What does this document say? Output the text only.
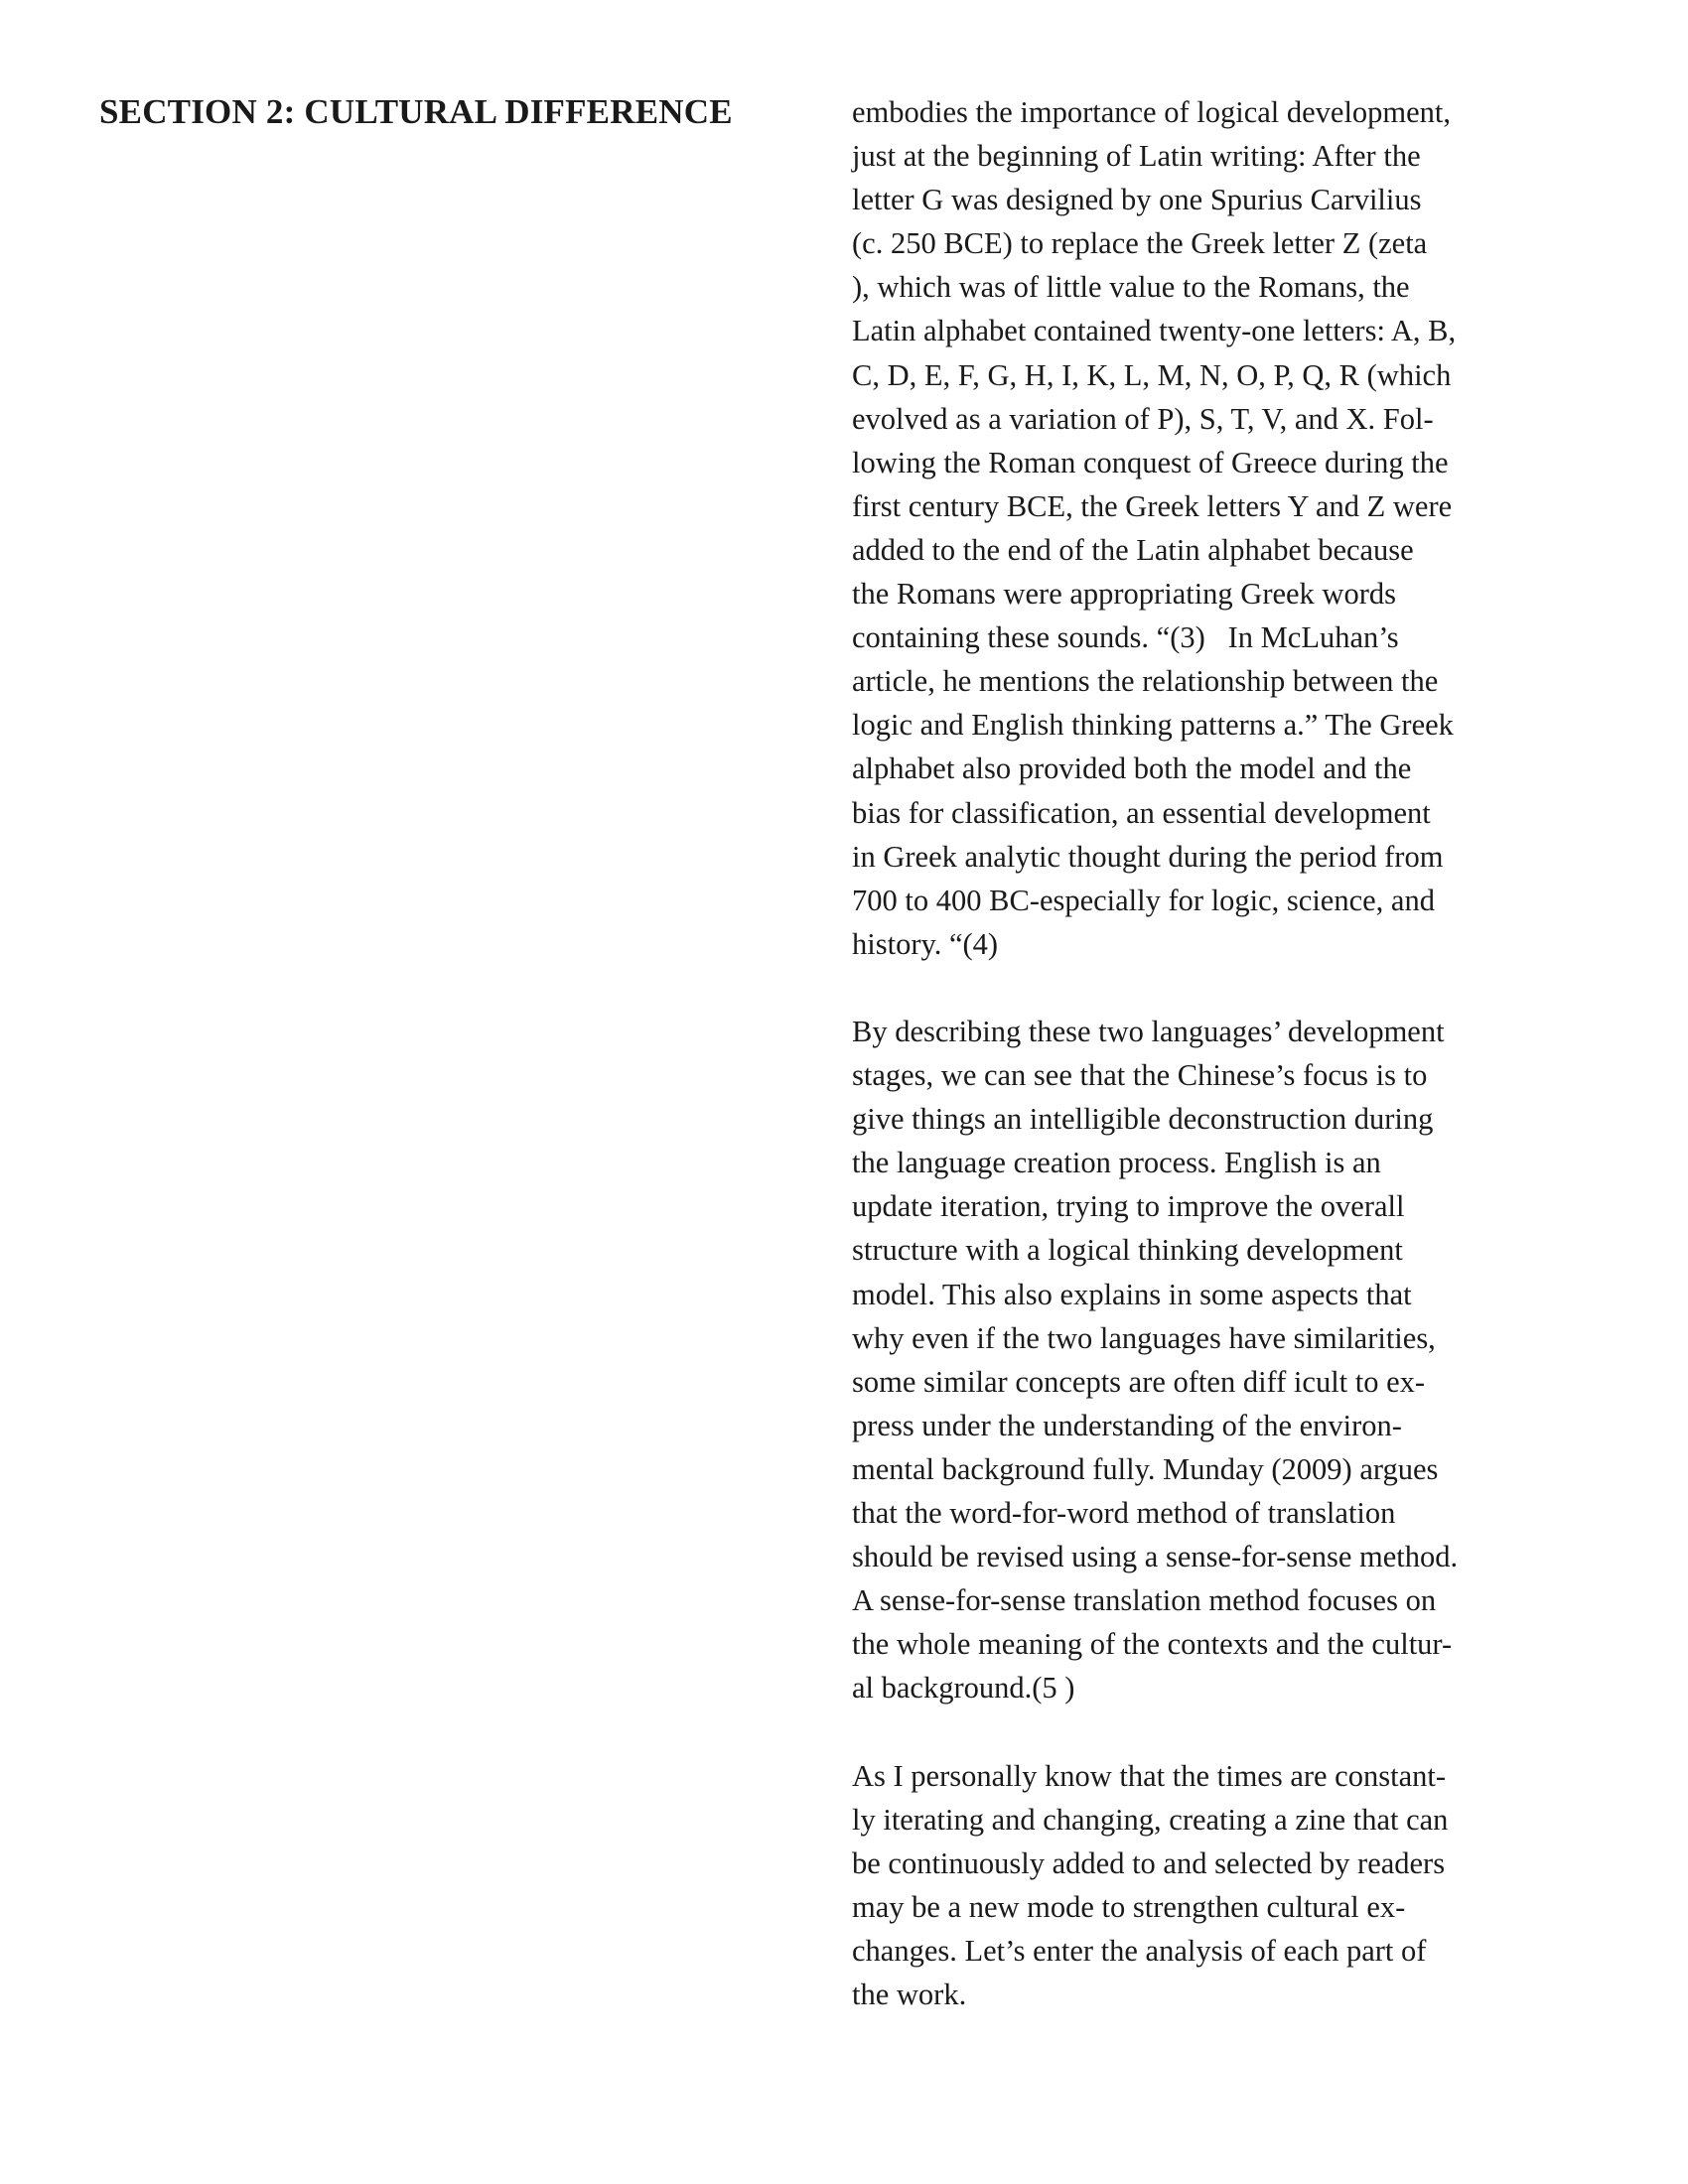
SECTION 2: CULTURAL DIFFERENCE	embodies the importance of logical development,
just at the beginning of Latin writing: After the
letter G was designed by one Spurius Carvilius
(c. 250 BCE) to replace the Greek letter Z (zeta
), which was of little value to the Romans, the
Latin alphabet contained twenty-one letters: A, B,
C, D, E, F, G, H, I, K, L, M, N, O, P, Q, R (which
evolved as a variation of P), S, T, V, and X. Fol-
lowing the Roman conquest of Greece during the
first century BCE, the Greek letters Y and Z were
added to the end of the Latin alphabet because
the Romans were appropriating Greek words
containing these sounds. “(3)   In McLuhan’s
article, he mentions the relationship between the
logic and English thinking patterns a.” The Greek
alphabet also provided both the model and the
bias for classification, an essential development
in Greek analytic thought during the period from
700 to 400 BC-especially for logic, science, and
history. “(4)

By describing these two languages’ development
stages, we can see that the Chinese’s focus is to
give things an intelligible deconstruction during
the language creation process. English is an
update iteration, trying to improve the overall
structure with a logical thinking development
model. This also explains in some aspects that
why even if the two languages have similarities,
some similar concepts are often diff icult to ex-
press under the understanding of the environ-
mental background fully. Munday (2009) argues
that the word-for-word method of translation
should be revised using a sense-for-sense method.
A sense-for-sense translation method focuses on
the whole meaning of the contexts and the cultur-
al background.(5 )

As I personally know that the times are constant-
ly iterating and changing, creating a zine that can
be continuously added to and selected by readers
may be a new mode to strengthen cultural ex-
changes. Let’s enter the analysis of each part of
the work.
